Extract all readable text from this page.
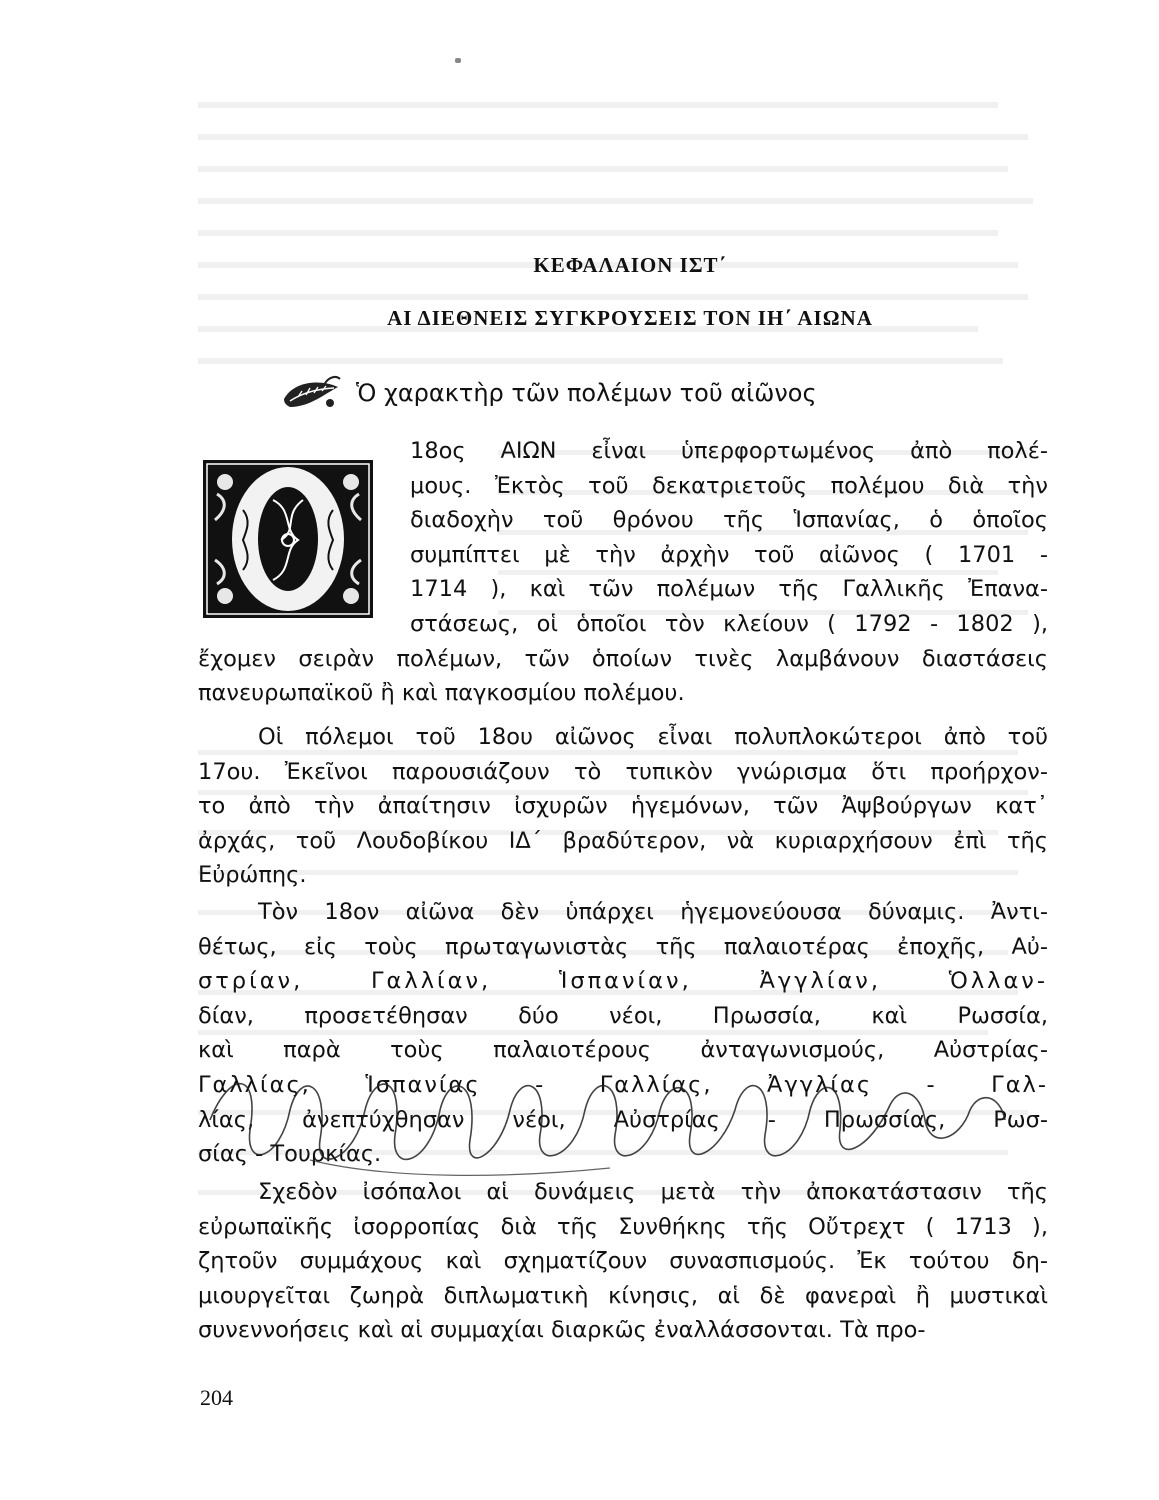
ΚΕΦΑΛΑΙΟΝ ΙΣΤ΄
ΑΙ ΔΙΕΘΝΕΙΣ ΣΥΓΚΡΟΥΣΕΙΣ ΤΟΝ ΙΗ΄ ΑΙΩΝΑ
Ὁ χαρακτὴρ τῶν πολέμων τοῦ αἰῶνος
18ος ΑΙΩΝ εἶναι ὑπερφορτωμένος ἀπὸ πολέ-
μους. Ἐκτὸς τοῦ δεκατριετοῦς πολέμου διὰ τὴν
διαδοχὴν τοῦ θρόνου τῆς Ἱσπανίας, ὁ ὁποῖος
συμπίπτει μὲ τὴν ἀρχὴν τοῦ αἰῶνος ( 1701 -
1714 ), καὶ τῶν πολέμων τῆς Γαλλικῆς Ἐπανα-
στάσεως, οἱ ὁποῖοι τὸν κλείουν ( 1792 - 1802 ),
ἔχομεν σειρὰν πολέμων, τῶν ὁποίων τινὲς λαμβάνουν διαστάσεις
πανευρωπαϊκοῦ ἢ καὶ παγκοσμίου πολέμου.
Οἱ πόλεμοι τοῦ 18ου αἰῶνος εἶναι πολυπλοκώτεροι ἀπὸ τοῦ
17ου. Ἐκεῖνοι παρουσιάζουν τὸ τυπικὸν γνώρισμα ὅτι προήρχον-
το ἀπὸ τὴν ἀπαίτησιν ἰσχυρῶν ἡγεμόνων, τῶν Ἀψβούργων κατ᾽
ἀρχάς, τοῦ Λουδοβίκου ΙΔ΄ βραδύτερον, νὰ κυριαρχήσουν ἐπὶ τῆς
Εὐρώπης.
Τὸν 18ον αἰῶνα δὲν ὑπάρχει ἡγεμονεύουσα δύναμις. Ἀντι-
θέτως, εἰς τοὺς πρωταγωνιστὰς τῆς παλαιοτέρας ἐποχῆς, Αὐ-
στρίαν, Γαλλίαν, Ἱσπανίαν, Ἀγγλίαν, Ὁλλαν-
δίαν, προσετέθησαν δύο νέοι, Πρωσσία, καὶ Ρωσσία,
καὶ παρὰ τοὺς παλαιοτέρους ἀνταγωνισμούς, Αὐστρίας-
Γαλλίας, Ἱσπανίας - Γαλλίας, Ἀγγλίας - Γαλ-
λίας, ἀνεπτύχθησαν νέοι, Αὐστρίας - Πρωσσίας, Ρωσ-
σίας - Τουρκίας.
Σχεδὸν ἰσόπαλοι αἱ δυνάμεις μετὰ τὴν ἀποκατάστασιν τῆς
εὐρωπαϊκῆς ἰσορροπίας διὰ τῆς Συνθήκης τῆς Οὔτρεχτ ( 1713 ),
ζητοῦν συμμάχους καὶ σχηματίζουν συνασπισμούς. Ἐκ τούτου δη-
μιουργεῖται ζωηρὰ διπλωματικὴ κίνησις, αἱ δὲ φανεραὶ ἢ μυστικαὶ
συνεννοήσεις καὶ αἱ συμμαχίαι διαρκῶς ἐναλλάσσονται. Τὰ προ-
204
